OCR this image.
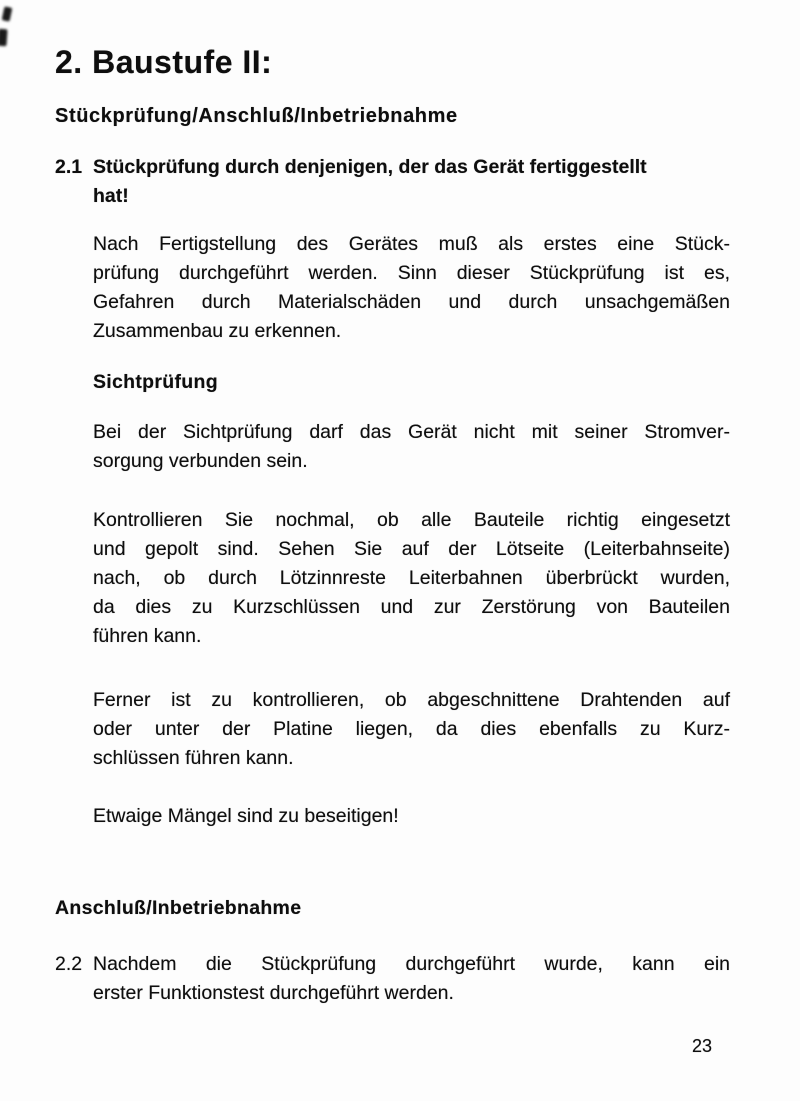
2. Baustufe II:
Stückprüfung/Anschluß/Inbetriebnahme
2.1 Stückprüfung durch denjenigen, der das Gerät fertiggestellt
hat!
Nach Fertigstellung des Gerätes muß als erstes eine Stück-
prüfung durchgeführt werden. Sinn dieser Stückprüfung ist es,
Gefahren durch Materialschäden und durch unsachgemäßen
Zusammenbau zu erkennen.
Sichtprüfung
Bei der Sichtprüfung darf das Gerät nicht mit seiner Stromver-
sorgung verbunden sein.
Kontrollieren Sie nochmal, ob alle Bauteile richtig eingesetzt
und gepolt sind. Sehen Sie auf der Lötseite (Leiterbahnseite)
nach, ob durch Lötzinnreste Leiterbahnen überbrückt wurden,
da dies zu Kurzschlüssen und zur Zerstörung von Bauteilen
führen kann.
Ferner ist zu kontrollieren, ob abgeschnittene Drahtenden auf
oder unter der Platine liegen, da dies ebenfalls zu Kurz-
schlüssen führen kann.
Etwaige Mängel sind zu beseitigen!
Anschluß/Inbetriebnahme
2.2 Nachdem die Stückprüfung durchgeführt wurde, kann ein
erster Funktionstest durchgeführt werden.
23
